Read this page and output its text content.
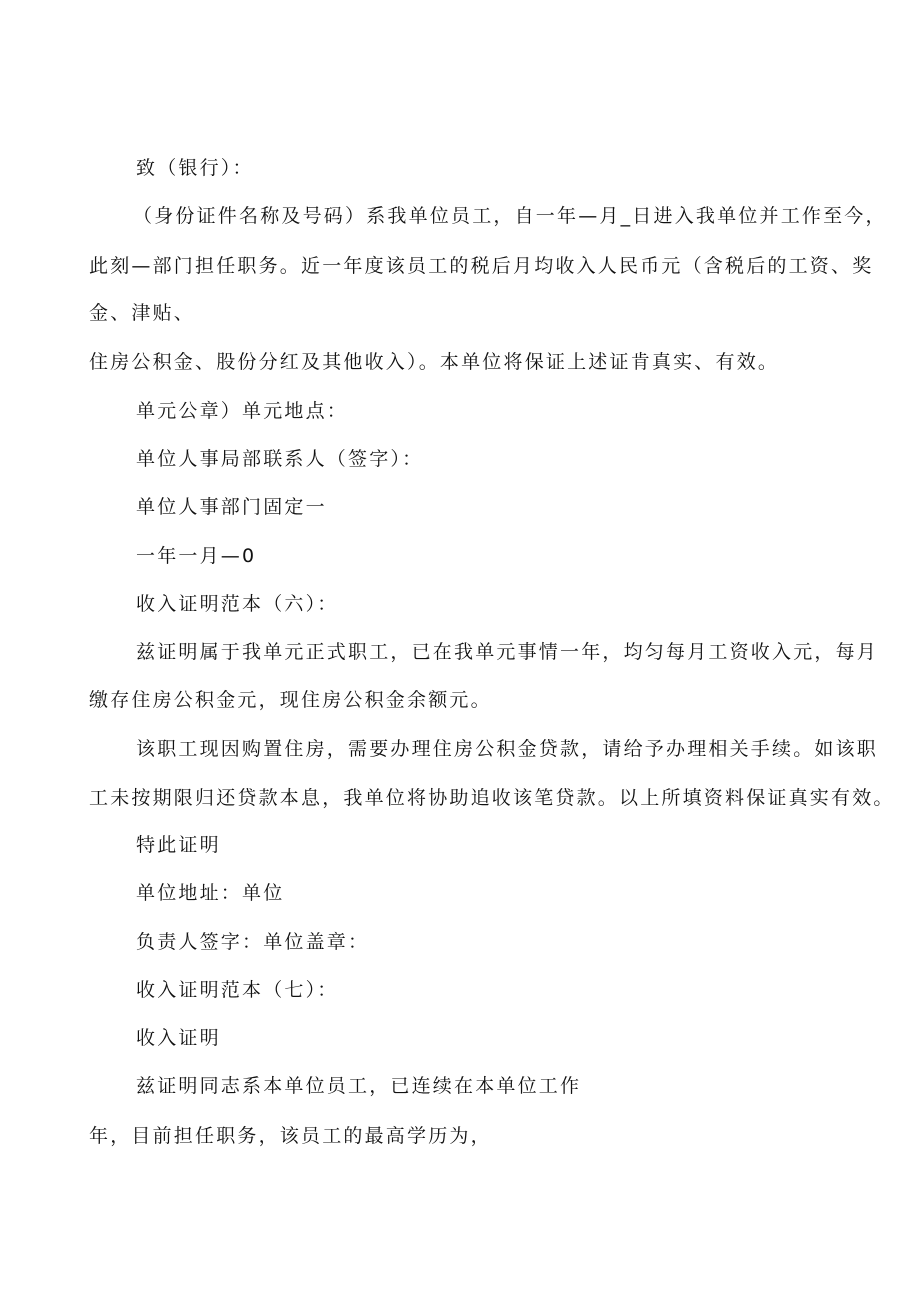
致（银行）：
（身份证件名称及号码）系我单位员工，自一年—月_日进入我单位并工作至今，
此刻—部门担任职务。近一年度该员工的税后月均收入人民币元（含税后的工资、奖
金、津贴、
住房公积金、股份分红及其他收入）。本单位将保证上述证肯真实、有效。
单元公章）单元地点：
单位人事局部联系人（签字）：
单位人事部门固定一
一年一月—0
收入证明范本（六）：
兹证明属于我单元正式职工，已在我单元事情一年，均匀每月工资收入元，每月
缴存住房公积金元，现住房公积金余额元。
该职工现因购置住房，需要办理住房公积金贷款，请给予办理相关手续。如该职
工未按期限归还贷款本息，我单位将协助追收该笔贷款。以上所填资料保证真实有效。
特此证明
单位地址：单位
负责人签字：单位盖章：
收入证明范本（七）：
收入证明
兹证明同志系本单位员工，已连续在本单位工作
年，目前担任职务，该员工的最高学历为，
